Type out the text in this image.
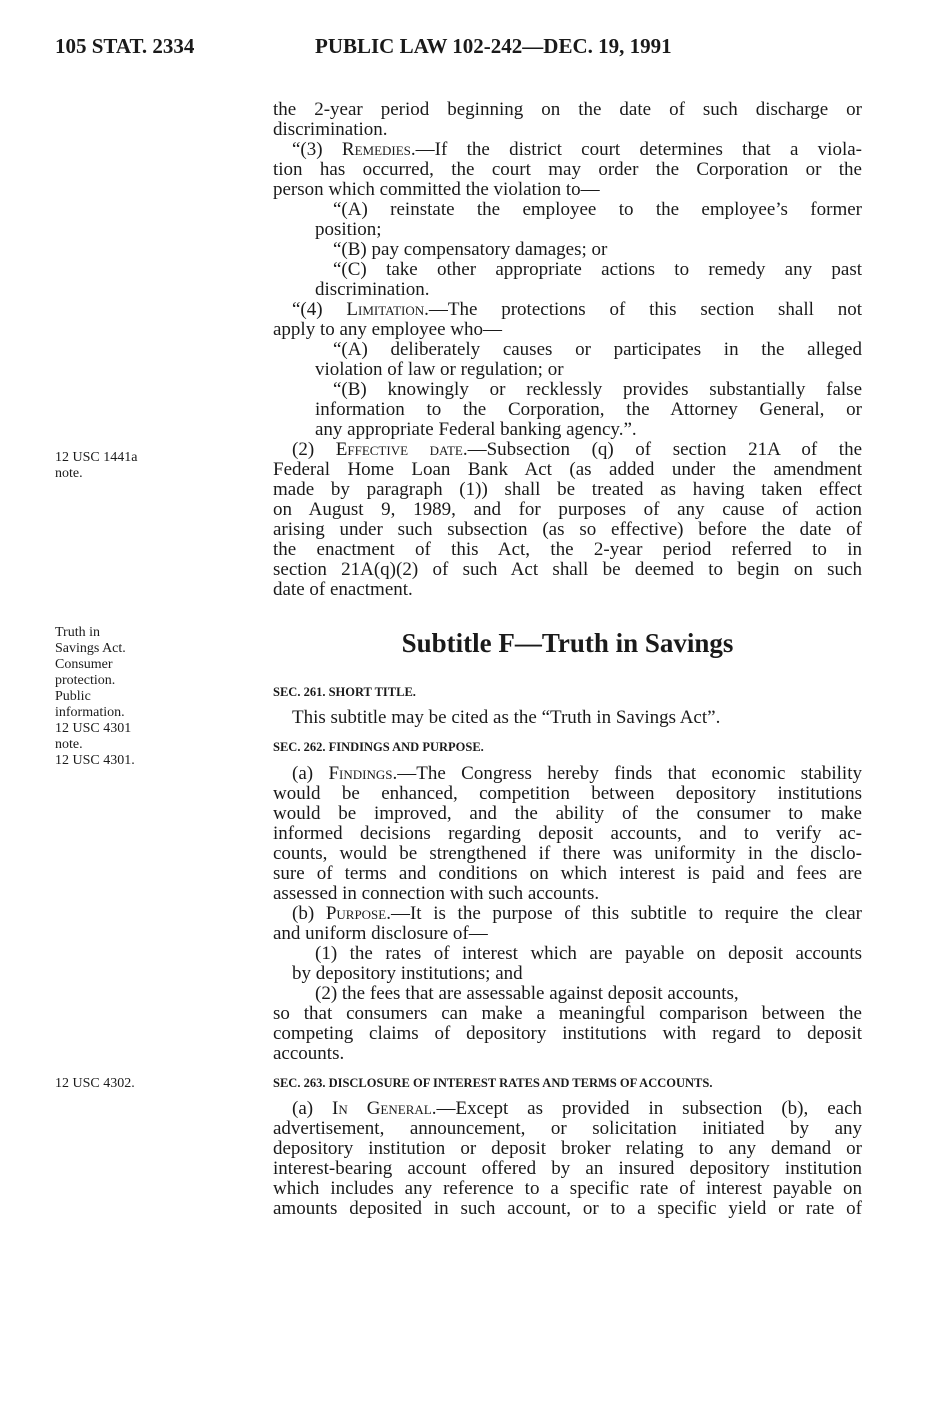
105 STAT. 2334	PUBLIC LAW 102-242—DEC. 19, 1991
12 USC 1441a
note.
Truth in
Savings Act.
Consumer
protection.
Public
information.
12 USC 4301
note.
12 USC 4301.
12 USC 4302.
the 2-year period beginning on the date of such discharge or
discrimination.
“(3) Remedies.—If the district court determines that a viola-
tion has occurred, the court may order the Corporation or the
person which committed the violation to—
“(A) reinstate the employee to the employee’s former
position;
“(B) pay compensatory damages; or
“(C) take other appropriate actions to remedy any past
discrimination.
“(4) Limitation.—The protections of this section shall not
apply to any employee who—
“(A) deliberately causes or participates in the alleged
violation of law or regulation; or
“(B) knowingly or recklessly provides substantially false
information to the Corporation, the Attorney General, or
any appropriate Federal banking agency.”.
(2) Effective date.—Subsection (q) of section 21A of the
Federal Home Loan Bank Act (as added under the amendment
made by paragraph (1)) shall be treated as having taken effect
on August 9, 1989, and for purposes of any cause of action
arising under such subsection (as so effective) before the date of
the enactment of this Act, the 2-year period referred to in
section 21A(q)(2) of such Act shall be deemed to begin on such
date of enactment.
Subtitle F—Truth in Savings
SEC. 261. SHORT TITLE.
This subtitle may be cited as the “Truth in Savings Act”.
SEC. 262. FINDINGS AND PURPOSE.
(a) Findings.—The Congress hereby finds that economic stability
would be enhanced, competition between depository institutions
would be improved, and the ability of the consumer to make
informed decisions regarding deposit accounts, and to verify ac-
counts, would be strengthened if there was uniformity in the disclo-
sure of terms and conditions on which interest is paid and fees are
assessed in connection with such accounts.
(b) Purpose.—It is the purpose of this subtitle to require the clear
and uniform disclosure of—
(1) the rates of interest which are payable on deposit accounts
by depository institutions; and
(2) the fees that are assessable against deposit accounts,
so that consumers can make a meaningful comparison between the
competing claims of depository institutions with regard to deposit
accounts.
SEC. 263. DISCLOSURE OF INTEREST RATES AND TERMS OF ACCOUNTS.
(a) In General.—Except as provided in subsection (b), each
advertisement, announcement, or solicitation initiated by any
depository institution or deposit broker relating to any demand or
interest-bearing account offered by an insured depository institution
which includes any reference to a specific rate of interest payable on
amounts deposited in such account, or to a specific yield or rate of
